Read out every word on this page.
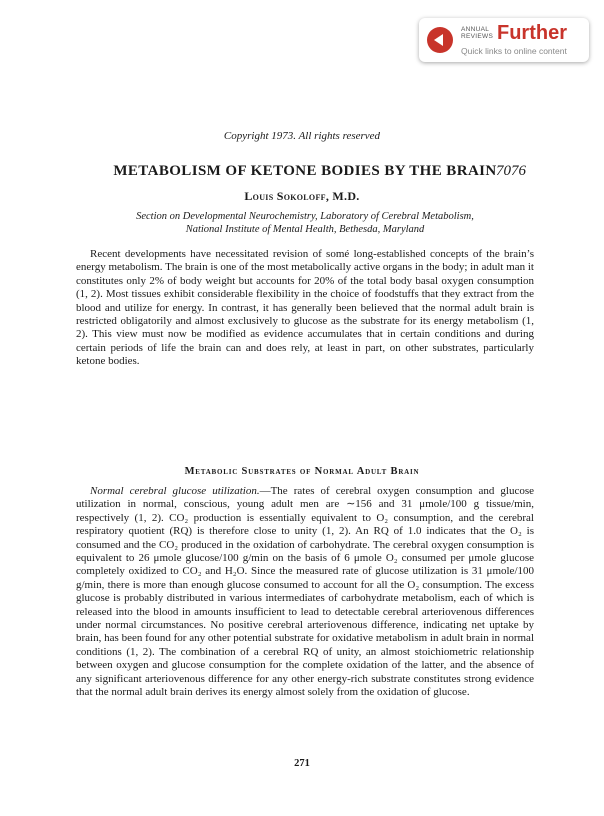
ANNUAL
REVIEWS Further
Quick links to online content
Copyright 1973. All rights reserved
METABOLISM OF KETONE BODIES BY THE BRAIN 7076
Louis Sokoloff, M.D.
Section on Developmental Neurochemistry, Laboratory of Cerebral Metabolism,
National Institute of Mental Health, Bethesda, Maryland

Recent developments have necessitated revision of somé long-established concepts of the brain’s energy metabolism. The brain is one of the most metabolically active organs in the body; in adult man it constitutes only 2% of body weight but accounts for 20% of the total body basal oxygen consumption (1, 2). Most tissues exhibit considerable flexibility in the choice of foodstuffs that they extract from the blood and utilize for energy. In contrast, it has generally been believed that the normal adult brain is restricted obligatorily and almost exclusively to glucose as the substrate for its energy metabolism (1, 2). This view must now be modified as evidence accumulates that in certain conditions and during certain periods of life the brain can and does rely, at least in part, on other substrates, particularly ketone bodies.

Metabolic Substrates of Normal Adult Brain

Normal cerebral glucose utilization.—The rates of cerebral oxygen consumption and glucose utilization in normal, conscious, young adult men are ∼156 and 31 μmole/100 g tissue/min, respectively (1, 2). CO₂ production is essentially equivalent to O₂ consumption, and the cerebral respiratory quotient (RQ) is therefore close to unity (1, 2). An RQ of 1.0 indicates that the O₂ is consumed and the CO₂ produced in the oxidation of carbohydrate. The cerebral oxygen consumption is equivalent to 26 μmole glucose/100 g/min on the basis of 6 μmole O₂ consumed per μmole glucose completely oxidized to CO₂ and H₂O. Since the measured rate of glucose utilization is 31 μmole/100 g/min, there is more than enough glucose consumed to account for all the O₂ consumption. The excess glucose is probably distributed in various intermediates of carbohydrate metabolism, each of which is released into the blood in amounts insufficient to lead to detectable cerebral arteriovenous differences under normal circumstances. No positive cerebral arteriovenous difference, indicating net uptake by brain, has been found for any other potential substrate for oxidative metabolism in adult brain in normal conditions (1, 2). The combination of a cerebral RQ of unity, an almost stoichiometric relationship between oxygen and glucose consumption for the complete oxidation of the latter, and the absence of any significant arteriovenous difference for any other energy-rich substrate constitutes strong evidence that the normal adult brain derives its energy almost solely from the oxidation of glucose.

271
